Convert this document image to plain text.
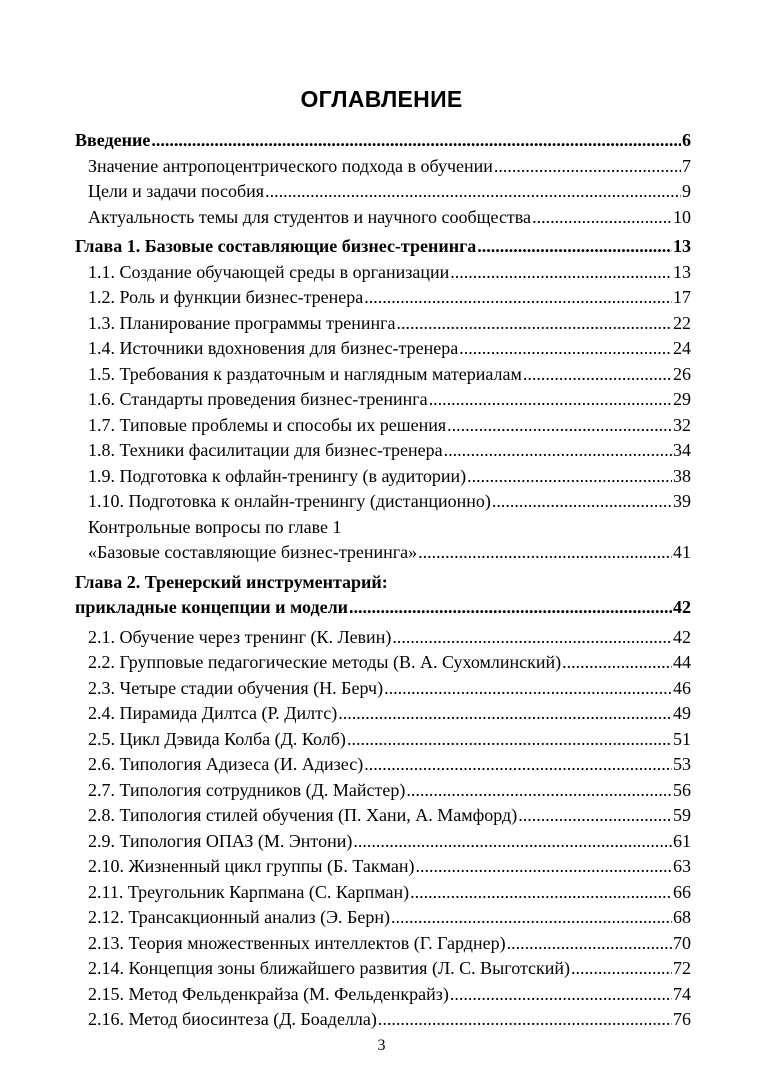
ОГЛАВЛЕНИЕ
Введение .....	6
Значение антропоцентрического подхода в обучении .....	7
Цели и задачи пособия .....	9
Актуальность темы для студентов и научного сообщества .....	10
Глава 1. Базовые составляющие бизнес-тренинга .....	13
1.1. Создание обучающей среды в организации .....	13
1.2. Роль и функции бизнес-тренера .....	17
1.3. Планирование программы тренинга .....	22
1.4. Источники вдохновения для бизнес-тренера .....	24
1.5. Требования к раздаточным и наглядным материалам .....	26
1.6. Стандарты проведения бизнес-тренинга .....	29
1.7. Типовые проблемы и способы их решения .....	32
1.8. Техники фасилитации для бизнес-тренера .....	34
1.9. Подготовка к офлайн-тренингу (в аудитории) .....	38
1.10. Подготовка к онлайн-тренингу (дистанционно) .....	39
Контрольные вопросы по главе 1
«Базовые составляющие бизнес-тренинга» .....	41
Глава 2. Тренерский инструментарий:
прикладные концепции и модели .....	42
2.1. Обучение через тренинг (К. Левин) .....	42
2.2. Групповые педагогические методы (В. А. Сухомлинский) .....	44
2.3. Четыре стадии обучения (Н. Берч) .....	46
2.4. Пирамида Дилтса (Р. Дилтс) .....	49
2.5. Цикл Дэвида Колба (Д. Колб) .....	51
2.6. Типология Адизеса (И. Адизес) .....	53
2.7. Типология сотрудников (Д. Майстер) .....	56
2.8. Типология стилей обучения (П. Хани, А. Мамфорд) .....	59
2.9. Типология ОПАЗ (М. Энтони) .....	61
2.10. Жизненный цикл группы (Б. Такман) .....	63
2.11. Треугольник Карпмана (С. Карпман) .....	66
2.12. Трансакционный анализ (Э. Берн) .....	68
2.13. Теория множественных интеллектов (Г. Гарднер) .....	70
2.14. Концепция зоны ближайшего развития (Л. С. Выготский) .....	72
2.15. Метод Фельденкрайза (М. Фельденкрайз) .....	74
2.16. Метод биосинтеза (Д. Боаделла) .....	76
3
